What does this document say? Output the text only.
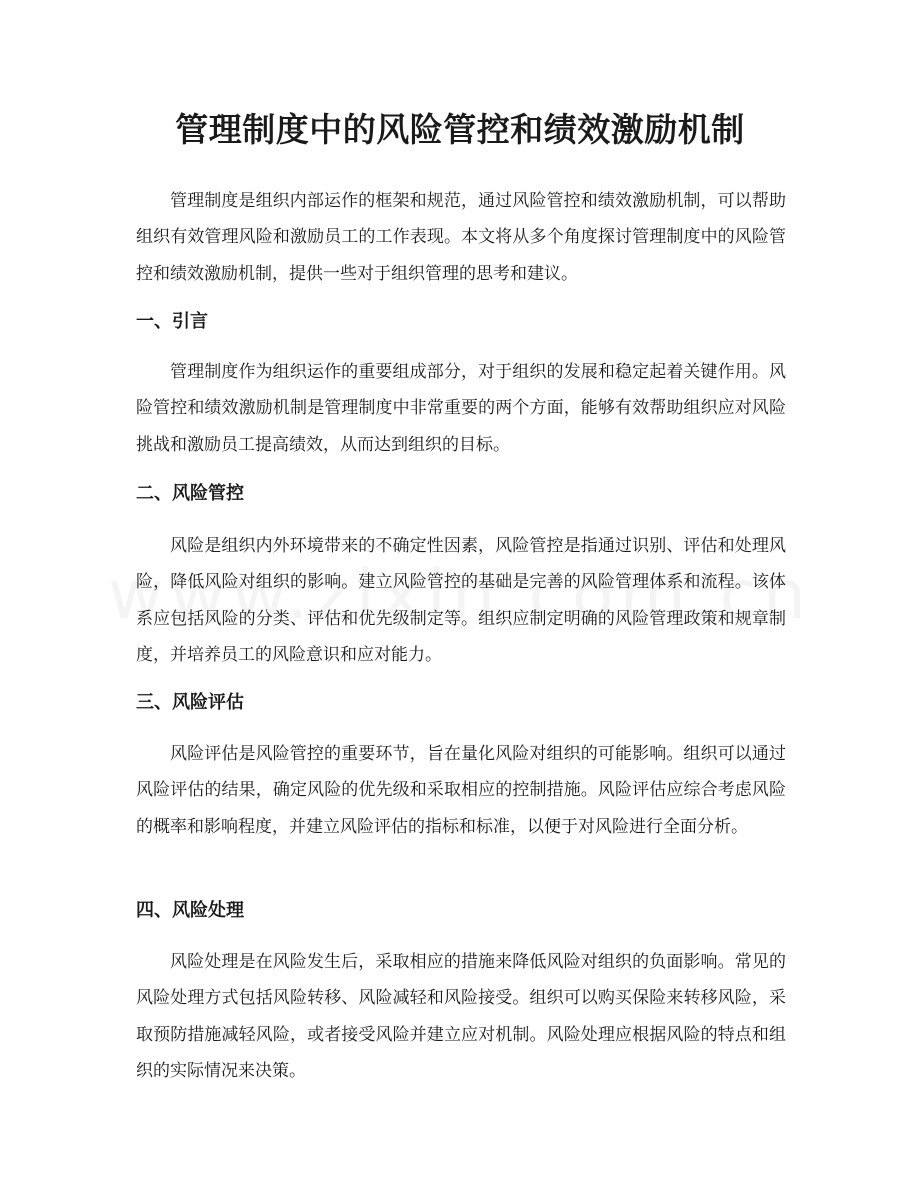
管理制度中的风险管控和绩效激励机制

管理制度是组织内部运作的框架和规范，通过风险管控和绩效激励机制，可以帮助组织有效管理风险和激励员工的工作表现。本文将从多个角度探讨管理制度中的风险管控和绩效激励机制，提供一些对于组织管理的思考和建议。

一、引言

管理制度作为组织运作的重要组成部分，对于组织的发展和稳定起着关键作用。风险管控和绩效激励机制是管理制度中非常重要的两个方面，能够有效帮助组织应对风险挑战和激励员工提高绩效，从而达到组织的目标。

二、风险管控

风险是组织内外环境带来的不确定性因素，风险管控是指通过识别、评估和处理风险，降低风险对组织的影响。建立风险管控的基础是完善的风险管理体系和流程。该体系应包括风险的分类、评估和优先级制定等。组织应制定明确的风险管理政策和规章制度，并培养员工的风险意识和应对能力。

三、风险评估

风险评估是风险管控的重要环节，旨在量化风险对组织的可能影响。组织可以通过风险评估的结果，确定风险的优先级和采取相应的控制措施。风险评估应综合考虑风险的概率和影响程度，并建立风险评估的指标和标准，以便于对风险进行全面分析。

四、风险处理

风险处理是在风险发生后，采取相应的措施来降低风险对组织的负面影响。常见的风险处理方式包括风险转移、风险减轻和风险接受。组织可以购买保险来转移风险，采取预防措施减轻风险，或者接受风险并建立应对机制。风险处理应根据风险的特点和组织的实际情况来决策。
